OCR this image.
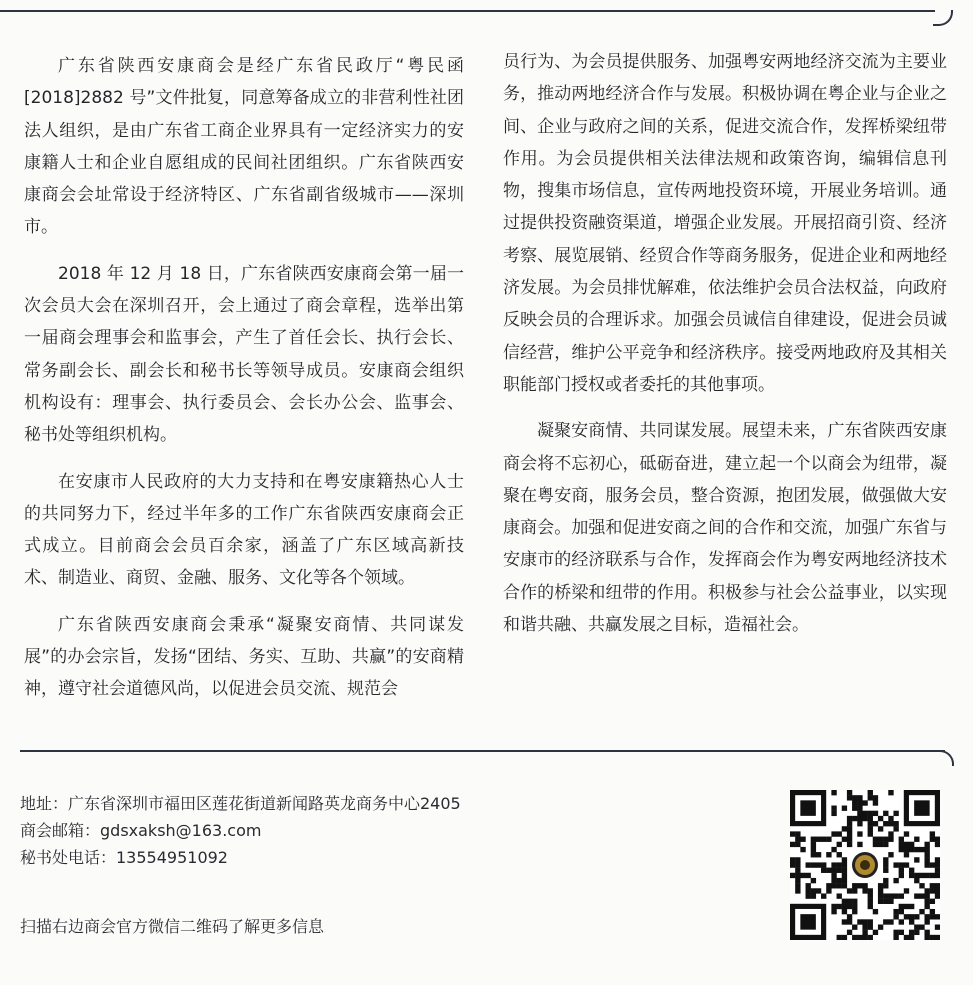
广东省陕西安康商会是经广东省民政厅“粤民函[2018]2882 号”文件批复，同意筹备成立的非营利性社团法人组织，是由广东省工商企业界具有一定经济实力的安康籍人士和企业自愿组成的民间社团组织。广东省陕西安康商会会址常设于经济特区、广东省副省级城市——深圳市。

2018 年 12 月 18 日，广东省陕西安康商会第一届一次会员大会在深圳召开，会上通过了商会章程，选举出第一届商会理事会和监事会，产生了首任会长、执行会长、常务副会长、副会长和秘书长等领导成员。安康商会组织机构设有：理事会、执行委员会、会长办公会、监事会、秘书处等组织机构。

在安康市人民政府的大力支持和在粤安康籍热心人士的共同努力下，经过半年多的工作广东省陕西安康商会正式成立。目前商会会员百余家，涵盖了广东区域高新技术、制造业、商贸、金融、服务、文化等各个领域。

广东省陕西安康商会秉承“凝聚安商情、共同谋发展”的办会宗旨，发扬“团结、务实、互助、共赢”的安商精神，遵守社会道德风尚，以促进会员交流、规范会

员行为、为会员提供服务、加强粤安两地经济交流为主要业务，推动两地经济合作与发展。积极协调在粤企业与企业之间、企业与政府之间的关系，促进交流合作，发挥桥梁纽带作用。为会员提供相关法律法规和政策咨询，编辑信息刊物，搜集市场信息，宣传两地投资环境，开展业务培训。通过提供投资融资渠道，增强企业发展。开展招商引资、经济考察、展览展销、经贸合作等商务服务，促进企业和两地经济发展。为会员排忧解难，依法维护会员合法权益，向政府反映会员的合理诉求。加强会员诚信自律建设，促进会员诚信经营，维护公平竞争和经济秩序。接受两地政府及其相关职能部门授权或者委托的其他事项。

凝聚安商情、共同谋发展。展望未来，广东省陕西安康商会将不忘初心，砥砺奋进，建立起一个以商会为纽带，凝聚在粤安商，服务会员，整合资源，抱团发展，做强做大安康商会。加强和促进安商之间的合作和交流，加强广东省与安康市的经济联系与合作，发挥商会作为粤安两地经济技术合作的桥梁和纽带的作用。积极参与社会公益事业，以实现和谐共融、共赢发展之目标，造福社会。

地址：广东省深圳市福田区莲花街道新闻路英龙商务中心2405
商会邮箱：gdsxaksh@163.com
秘书处电话：13554951092
扫描右边商会官方微信二维码了解更多信息
